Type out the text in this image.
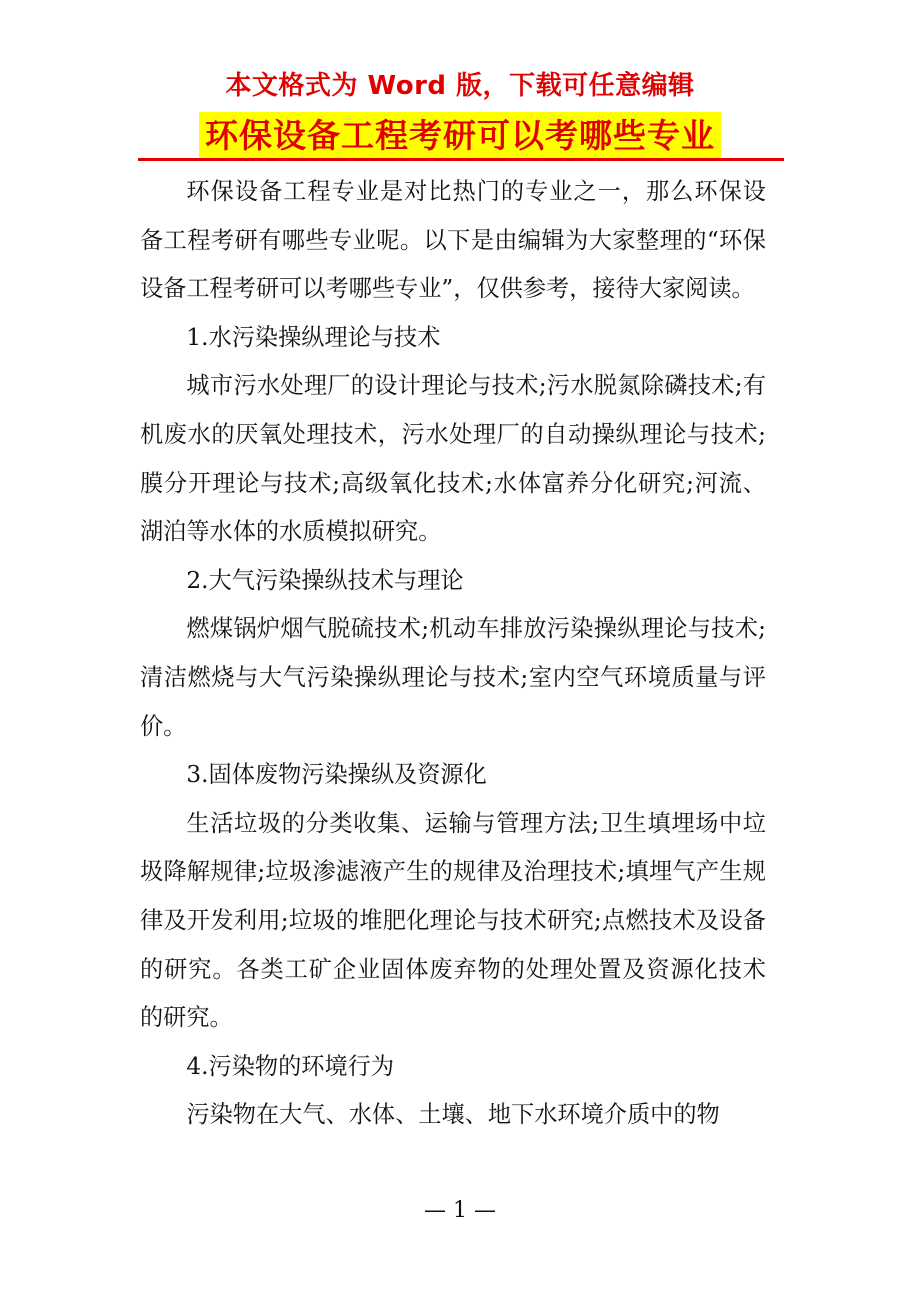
本文格式为 Word 版，下载可任意编辑
环保设备工程考研可以考哪些专业

环保设备工程专业是对比热门的专业之一，那么环保设备工程考研有哪些专业呢。以下是由编辑为大家整理的“环保设备工程考研可以考哪些专业”，仅供参考，接待大家阅读。

1.水污染操纵理论与技术

城市污水处理厂的设计理论与技术;污水脱氮除磷技术;有机废水的厌氧处理技术，污水处理厂的自动操纵理论与技术;膜分开理论与技术;高级氧化技术;水体富养分化研究;河流、湖泊等水体的水质模拟研究。

2.大气污染操纵技术与理论

燃煤锅炉烟气脱硫技术;机动车排放污染操纵理论与技术;清洁燃烧与大气污染操纵理论与技术;室内空气环境质量与评价。

3.固体废物污染操纵及资源化

生活垃圾的分类收集、运输与管理方法;卫生填埋场中垃圾降解规律;垃圾渗滤液产生的规律及治理技术;填埋气产生规律及开发利用;垃圾的堆肥化理论与技术研究;点燃技术及设备的研究。各类工矿企业固体废弃物的处理处置及资源化技术的研究。

4.污染物的环境行为

污染物在大气、水体、土壤、地下水环境介质中的物

— 1 —
